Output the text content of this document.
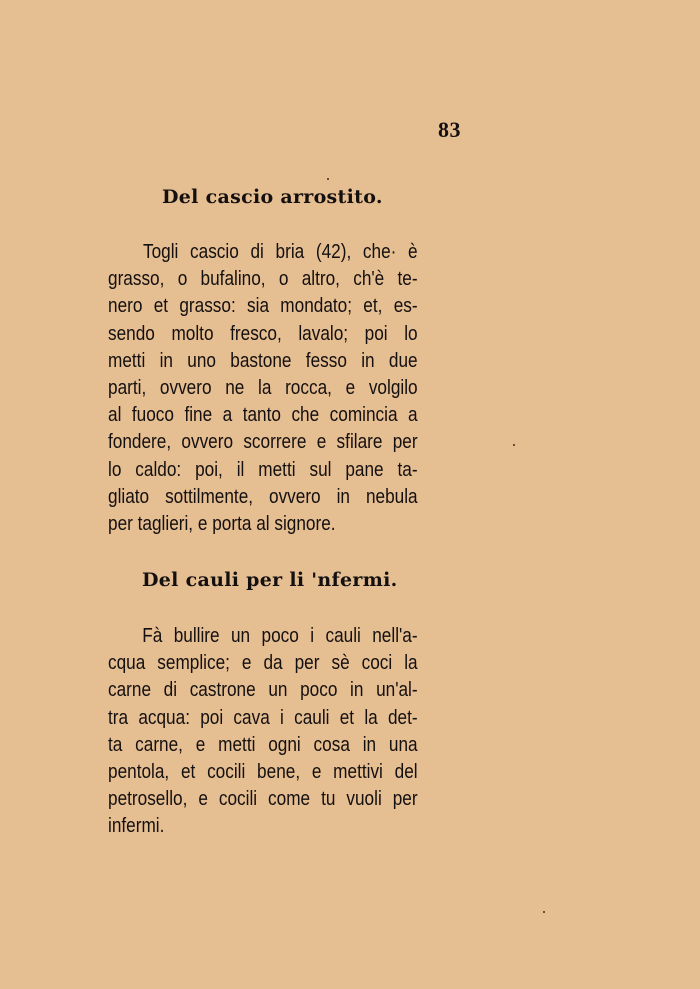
83
Del cascio arrostito.
Togli cascio di bria (42), che· è
grasso, o bufalino, o altro, ch'è te-
nero et grasso: sia mondato; et, es-
sendo molto fresco, lavalo; poi lo
metti in uno bastone fesso in due
parti, ovvero ne la rocca, e volgilo
al fuoco fine a tanto che comincia a
fondere, ovvero scorrere e sfilare per
lo caldo: poi, il metti sul pane ta-
gliato sottilmente, ovvero in nebula
per taglieri, e porta al signore.
Del cauli per li 'nfermi.
Fà bullire un poco i cauli nell'a-
cqua semplice; e da per sè coci la
carne di castrone un poco in un'al-
tra acqua: poi cava i cauli et la det-
ta carne, e metti ogni cosa in una
pentola, et cocili bene, e mettivi del
petrosello, e cocili come tu vuoli per
infermi.
